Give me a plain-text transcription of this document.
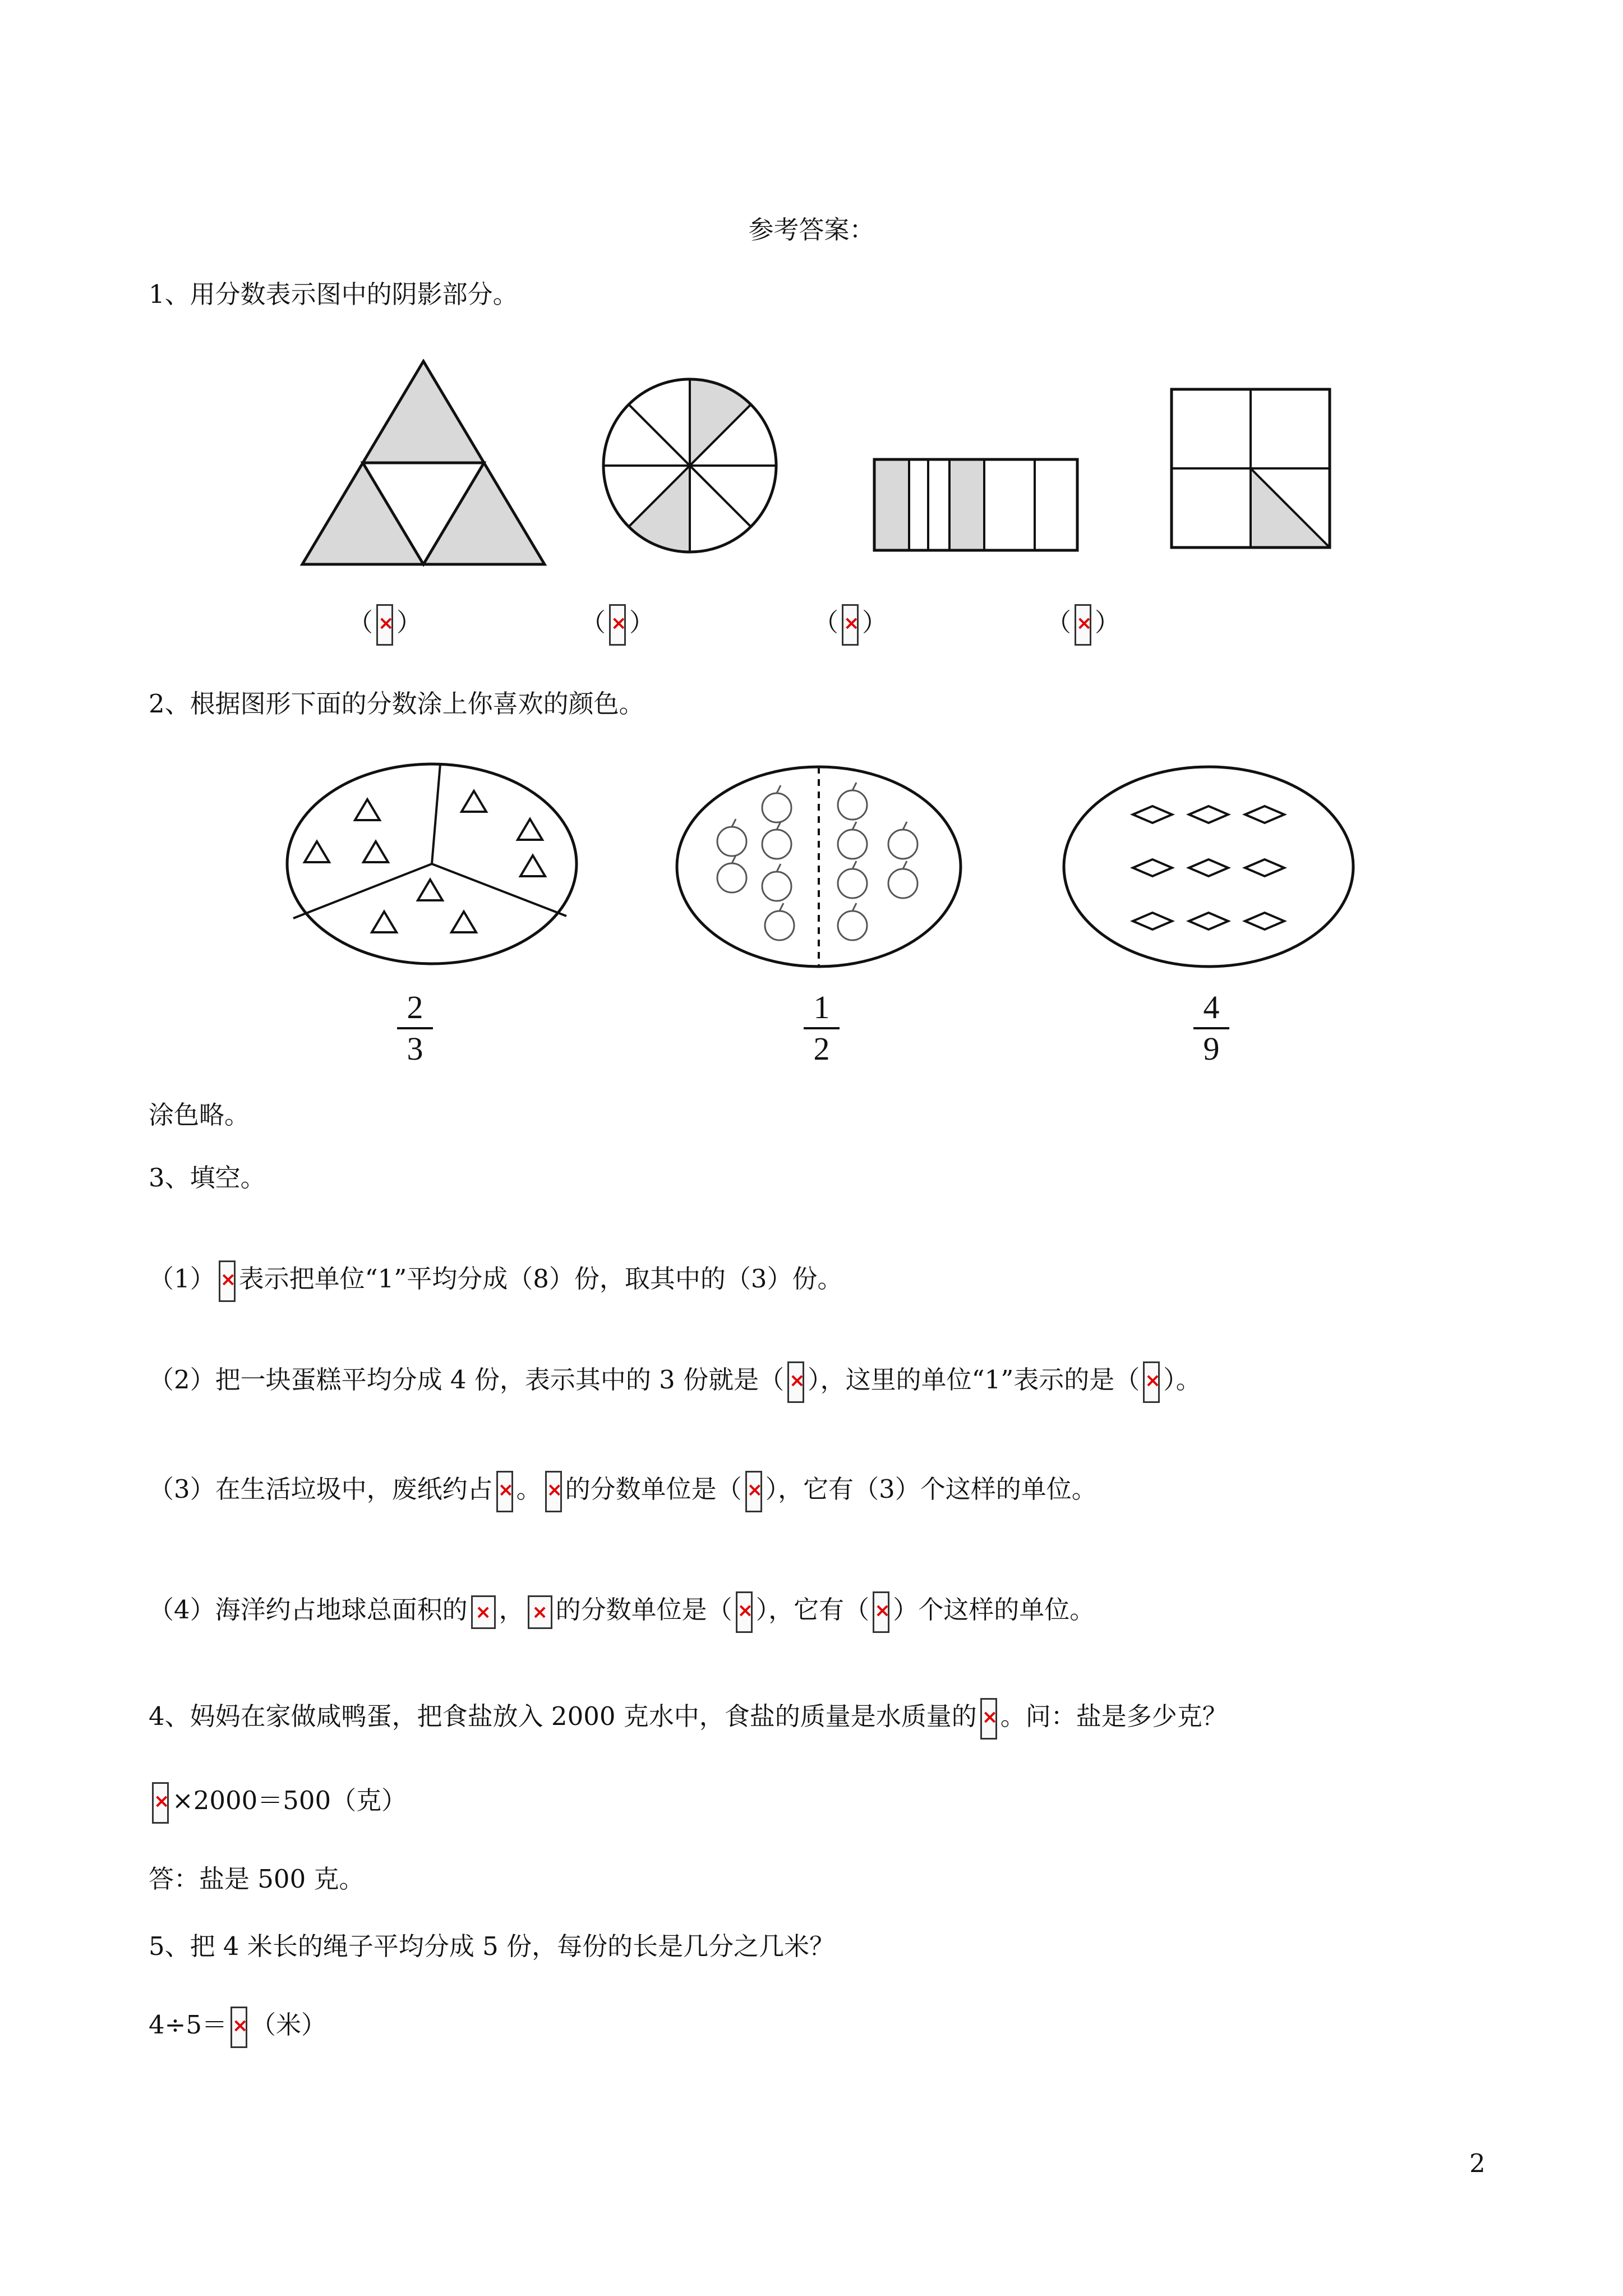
参考答案：
1、用分数表示图中的阴影部分。
（ × ）	（ × ）	（ × ）	（ × ）
2、根据图形下面的分数涂上你喜欢的颜色。
2
3
1
2
4
9
涂色略。
3、填空。
（1） × 表示把单位“1”平均分成（8）份，取其中的（3）份。
（2）把一块蛋糕平均分成 4 份，表示其中的 3 份就是（ × ），这里的单位“1”表示的是（ × ）。
（3）在生活垃圾中，废纸约占 × 。 × 的分数单位是（ × ），它有（3）个这样的单位。
（4）海洋约占地球总面积的 × ， × 的分数单位是（ × ），它有（ × ）个这样的单位。
4、妈妈在家做咸鸭蛋，把食盐放入 2000 克水中，食盐的质量是水质量的 × 。问：盐是多少克？
××2000＝500（克）
答：盐是 500 克。
5、把 4 米长的绳子平均分成 5 份，每份的长是几分之几米？
4÷5＝ × （米）
2
